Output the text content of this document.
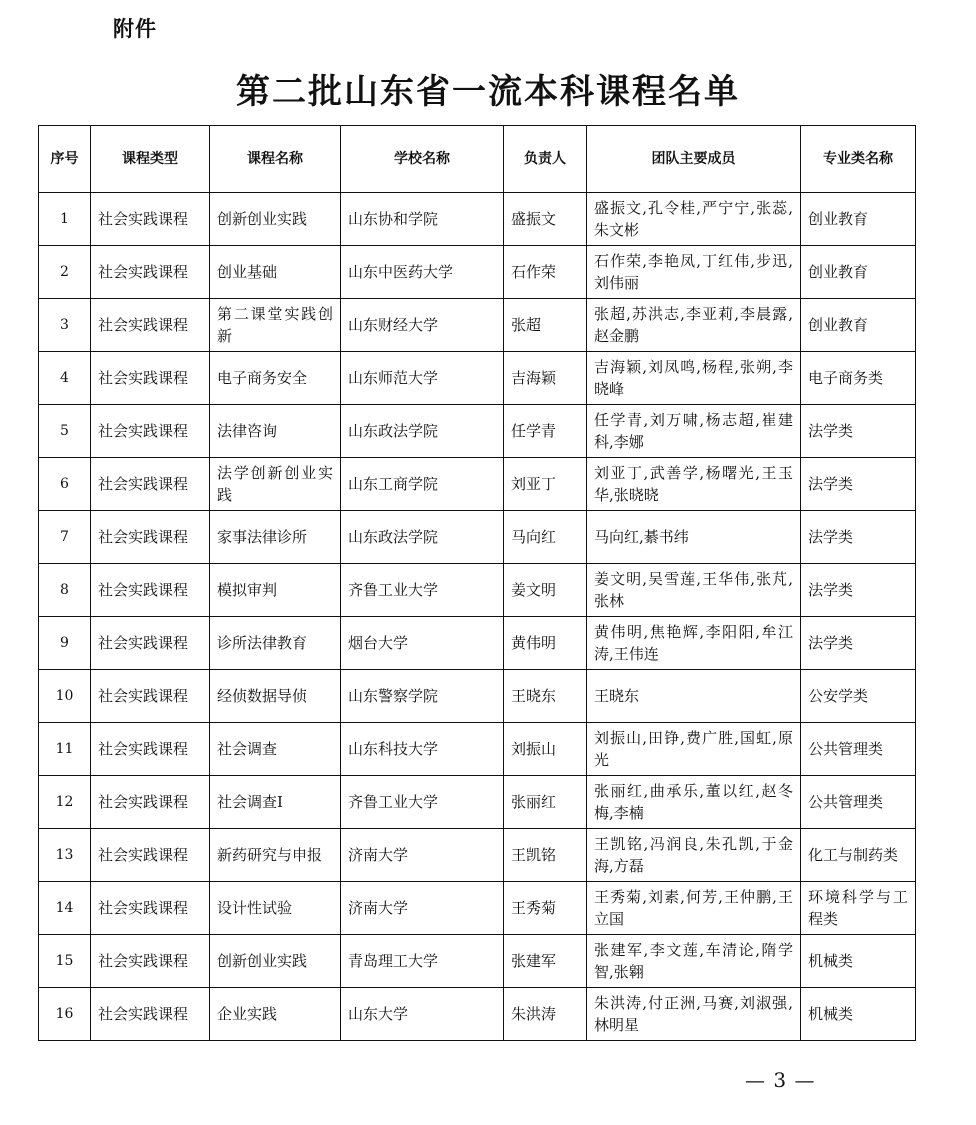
附件
第二批山东省一流本科课程名单
序号	课程类型	课程名称	学校名称	负责人	团队主要成员	专业类名称
1	社会实践课程	创新创业实践	山东协和学院	盛振文	盛振文,孔令桂,严宁宁,张蕊,朱文彬	创业教育
2	社会实践课程	创业基础	山东中医药大学	石作荣	石作荣,李艳凤,丁红伟,步迅,刘伟丽	创业教育
3	社会实践课程	第二课堂实践创新	山东财经大学	张超	张超,苏洪志,李亚莉,李晨露,赵金鹏	创业教育
4	社会实践课程	电子商务安全	山东师范大学	吉海颖	吉海颖,刘凤鸣,杨程,张朔,李晓峰	电子商务类
5	社会实践课程	法律咨询	山东政法学院	任学青	任学青,刘万啸,杨志超,崔建科,李娜	法学类
6	社会实践课程	法学创新创业实践	山东工商学院	刘亚丁	刘亚丁,武善学,杨曙光,王玉华,张晓晓	法学类
7	社会实践课程	家事法律诊所	山东政法学院	马向红	马向红,綦书纬	法学类
8	社会实践课程	模拟审判	齐鲁工业大学	姜文明	姜文明,吴雪莲,王华伟,张芃,张林	法学类
9	社会实践课程	诊所法律教育	烟台大学	黄伟明	黄伟明,焦艳辉,李阳阳,牟江涛,王伟连	法学类
10	社会实践课程	经侦数据导侦	山东警察学院	王晓东	王晓东	公安学类
11	社会实践课程	社会调查	山东科技大学	刘振山	刘振山,田铮,费广胜,国虹,原光	公共管理类
12	社会实践课程	社会调查Ⅰ	齐鲁工业大学	张丽红	张丽红,曲承乐,董以红,赵冬梅,李楠	公共管理类
13	社会实践课程	新药研究与申报	济南大学	王凯铭	王凯铭,冯润良,朱孔凯,于金海,方磊	化工与制药类
14	社会实践课程	设计性试验	济南大学	王秀菊	王秀菊,刘素,何芳,王仲鹏,王立国	环境科学与工程类
15	社会实践课程	创新创业实践	青岛理工大学	张建军	张建军,李文莲,车清论,隋学智,张翱	机械类
16	社会实践课程	企业实践	山东大学	朱洪涛	朱洪涛,付正洲,马赛,刘淑强,林明星	机械类
— 3 —
